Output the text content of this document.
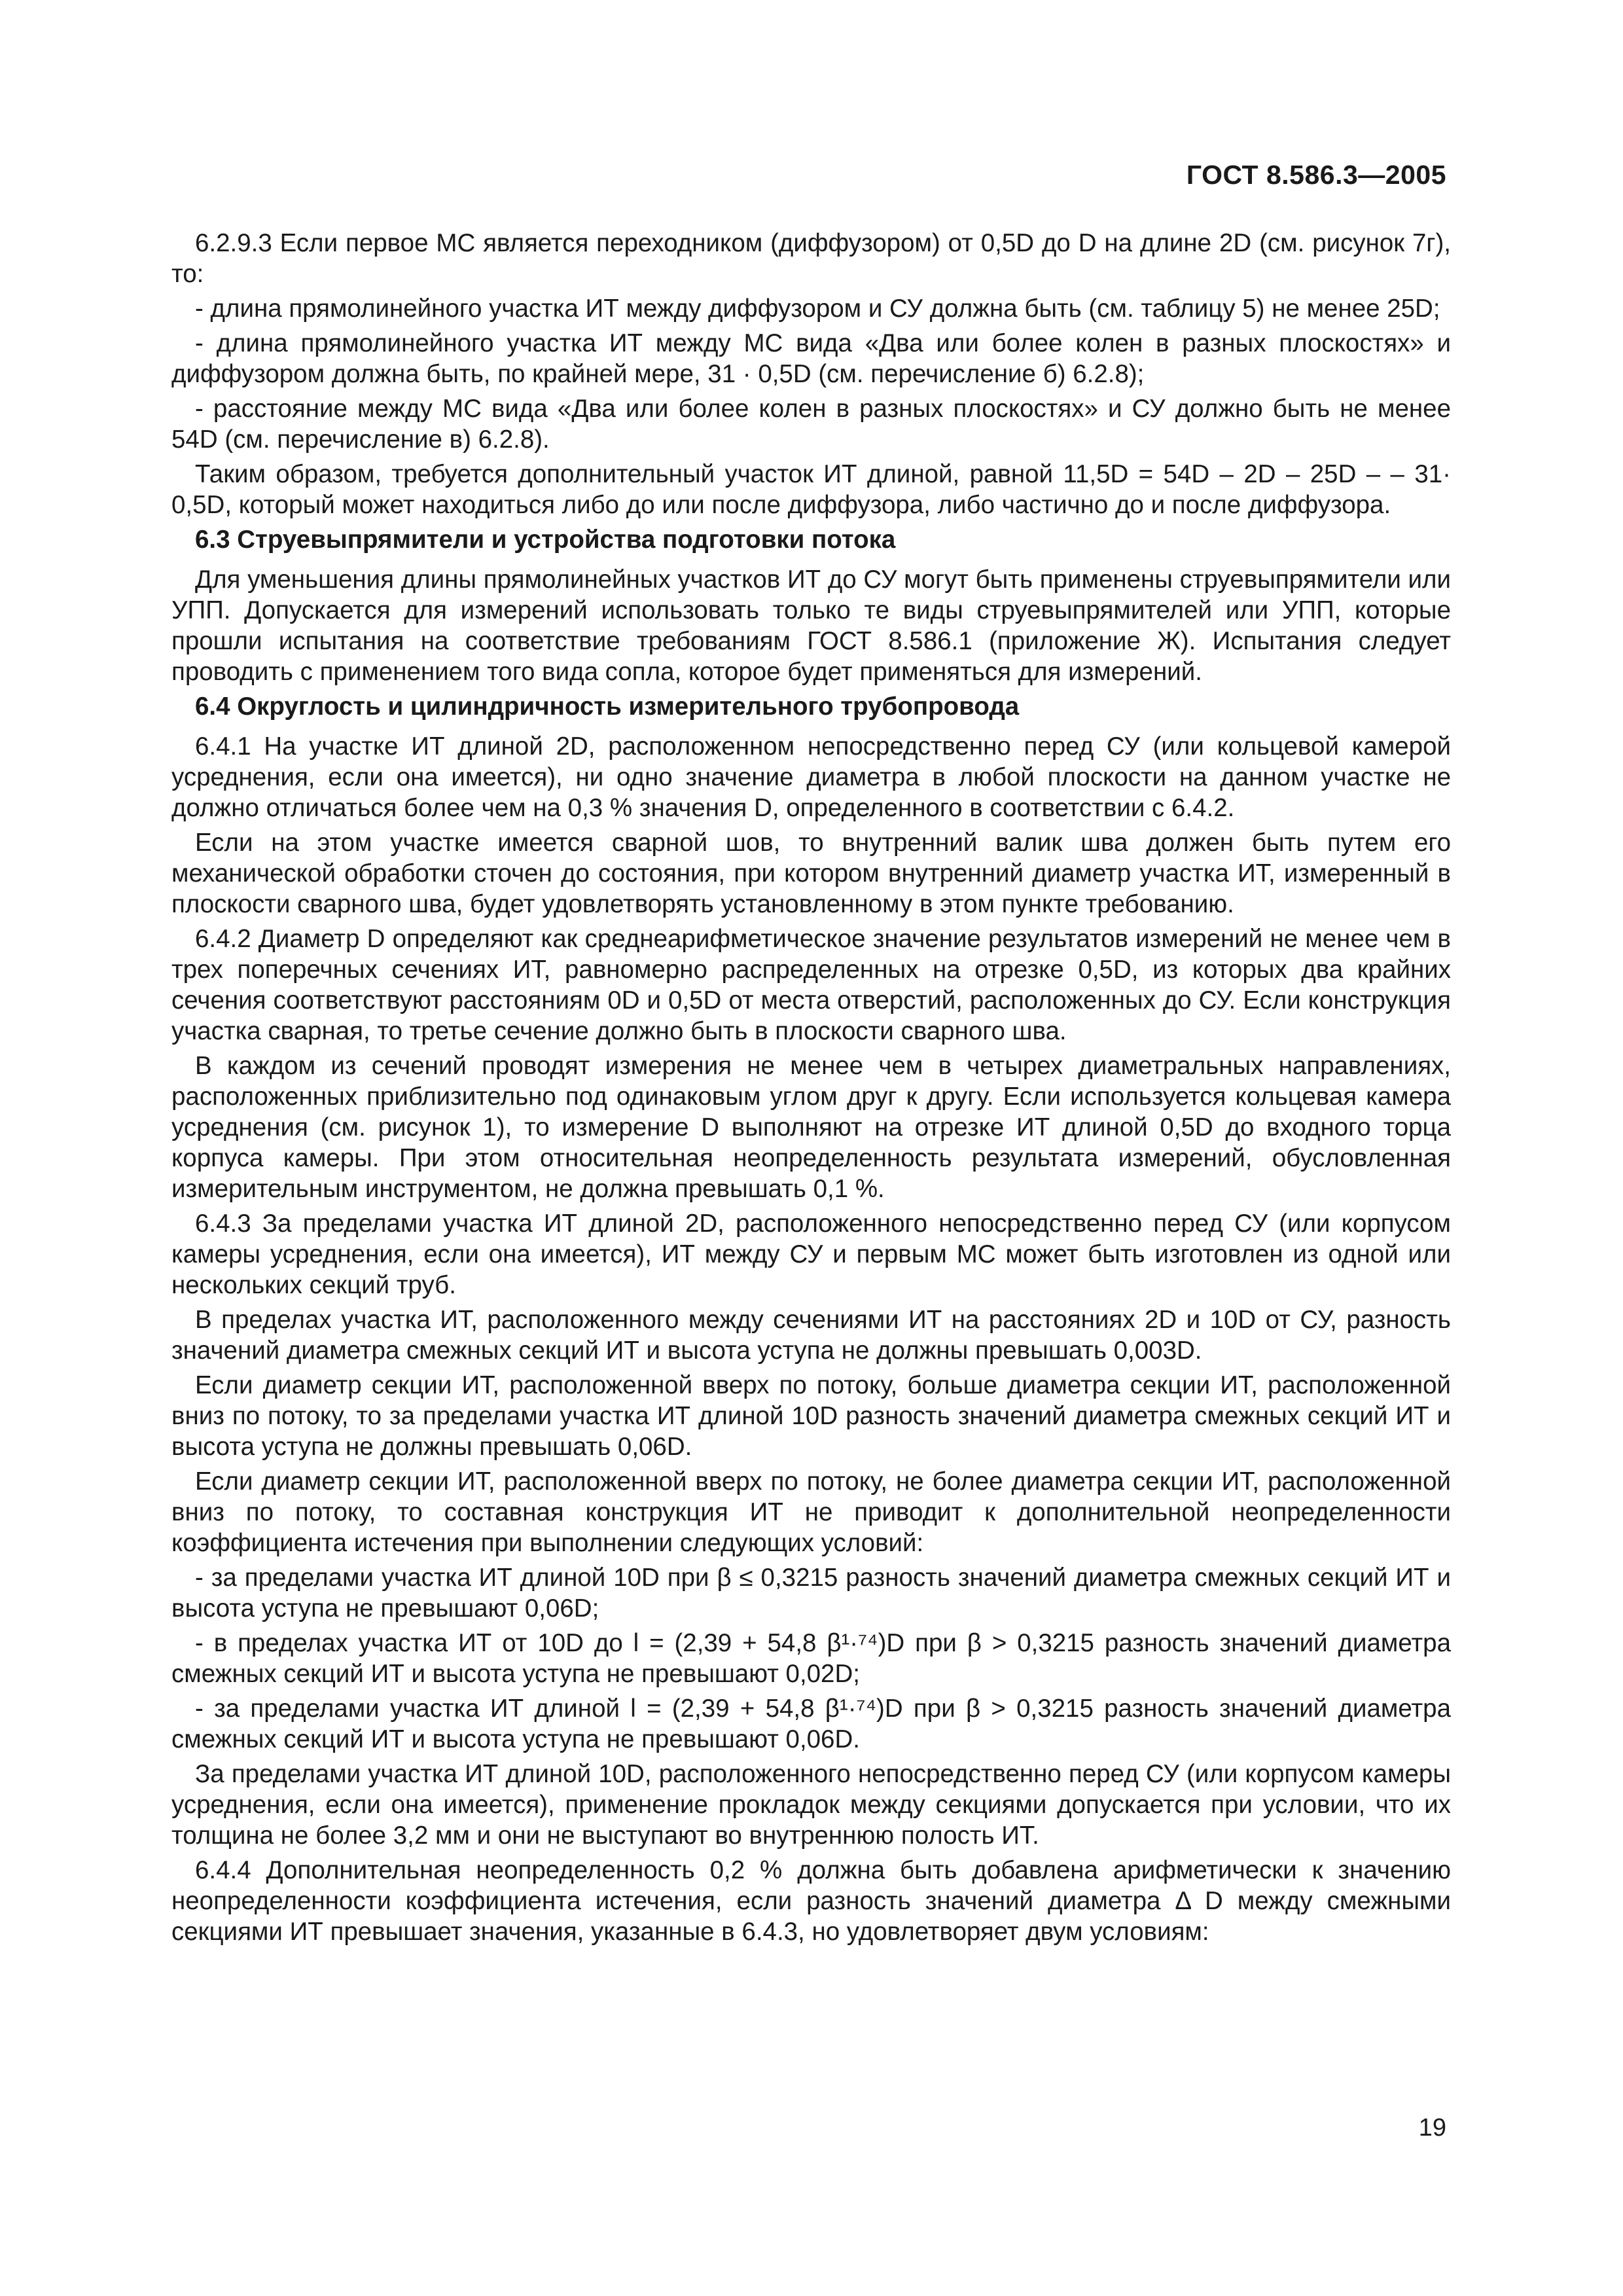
ГОСТ 8.586.3—2005

6.2.9.3 Если первое МС является переходником (диффузором) от 0,5D до D на длине 2D (см. рисунок 7г), то:

- длина прямолинейного участка ИТ между диффузором и СУ должна быть (см. таблицу 5) не менее 25D;

- длина прямолинейного участка ИТ между МС вида «Два или более колен в разных плоскостях» и диффузором должна быть, по крайней мере, 31 · 0,5D (см. перечисление б) 6.2.8);

- расстояние между МС вида «Два или более колен в разных плоскостях» и СУ должно быть не менее 54D (см. перечисление в) 6.2.8).

Таким образом, требуется дополнительный участок ИТ длиной, равной 11,5D = 54D – 2D – 25D – – 31· 0,5D, который может находиться либо до или после диффузора, либо частично до и после диффузора.

6.3 Струевыпрямители и устройства подготовки потока

Для уменьшения длины прямолинейных участков ИТ до СУ могут быть применены струевыпрямители или УПП. Допускается для измерений использовать только те виды струевыпрямителей или УПП, которые прошли испытания на соответствие требованиям ГОСТ 8.586.1 (приложение Ж). Испытания следует проводить с применением того вида сопла, которое будет применяться для измерений.

6.4 Округлость и цилиндричность измерительного трубопровода

6.4.1 На участке ИТ длиной 2D, расположенном непосредственно перед СУ (или кольцевой камерой усреднения, если она имеется), ни одно значение диаметра в любой плоскости на данном участке не должно отличаться более чем на 0,3 % значения D, определенного в соответствии с 6.4.2.

Если на этом участке имеется сварной шов, то внутренний валик шва должен быть путем его механической обработки сточен до состояния, при котором внутренний диаметр участка ИТ, измеренный в плоскости сварного шва, будет удовлетворять установленному в этом пункте требованию.

6.4.2 Диаметр D определяют как среднеарифметическое значение результатов измерений не менее чем в трех поперечных сечениях ИТ, равномерно распределенных на отрезке 0,5D, из которых два крайних сечения соответствуют расстояниям 0D и 0,5D от места отверстий, расположенных до СУ. Если конструкция участка сварная, то третье сечение должно быть в плоскости сварного шва.

В каждом из сечений проводят измерения не менее чем в четырех диаметральных направлениях, расположенных приблизительно под одинаковым углом друг к другу. Если используется кольцевая камера усреднения (см. рисунок 1), то измерение D выполняют на отрезке ИТ длиной 0,5D до входного торца корпуса камеры. При этом относительная неопределенность результата измерений, обусловленная измерительным инструментом, не должна превышать 0,1 %.

6.4.3 За пределами участка ИТ длиной 2D, расположенного непосредственно перед СУ (или корпусом камеры усреднения, если она имеется), ИТ между СУ и первым МС может быть изготовлен из одной или нескольких секций труб.

В пределах участка ИТ, расположенного между сечениями ИТ на расстояниях 2D и 10D от СУ, разность значений диаметра смежных секций ИТ и высота уступа не должны превышать 0,003D.

Если диаметр секции ИТ, расположенной вверх по потоку, больше диаметра секции ИТ, расположенной вниз по потоку, то за пределами участка ИТ длиной 10D разность значений диаметра смежных секций ИТ и высота уступа не должны превышать 0,06D.

Если диаметр секции ИТ, расположенной вверх по потоку, не более диаметра секции ИТ, расположенной вниз по потоку, то составная конструкция ИТ не приводит к дополнительной неопределенности коэффициента истечения при выполнении следующих условий:

- за пределами участка ИТ длиной 10D при β ≤ 0,3215 разность значений диаметра смежных секций ИТ и высота уступа не превышают 0,06D;

- в пределах участка ИТ от 10D до l = (2,39 + 54,8 β¹·⁷⁴)D при β > 0,3215 разность значений диаметра смежных секций ИТ и высота уступа не превышают 0,02D;

- за пределами участка ИТ длиной l = (2,39 + 54,8 β¹·⁷⁴)D при β > 0,3215 разность значений диаметра смежных секций ИТ и высота уступа не превышают 0,06D.

За пределами участка ИТ длиной 10D, расположенного непосредственно перед СУ (или корпусом камеры усреднения, если она имеется), применение прокладок между секциями допускается при условии, что их толщина не более 3,2 мм и они не выступают во внутреннюю полость ИТ.

6.4.4 Дополнительная неопределенность 0,2 % должна быть добавлена арифметически к значению неопределенности коэффициента истечения, если разность значений диаметра Δ D между смежными секциями ИТ превышает значения, указанные в 6.4.3, но удовлетворяет двум условиям:

19
